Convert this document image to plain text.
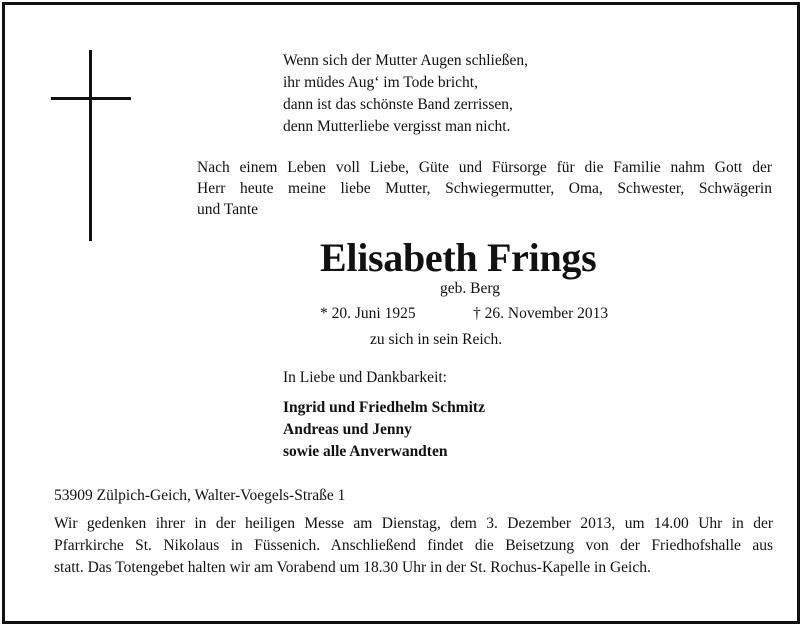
Wenn sich der Mutter Augen schließen,
ihr müdes Aug‘ im Tode bricht,
dann ist das schönste Band zerrissen,
denn Mutterliebe vergisst man nicht.
Nach einem Leben voll Liebe, Güte und Fürsorge für die Familie nahm Gott der
Herr heute meine liebe Mutter, Schwiegermutter, Oma, Schwester, Schwägerin
und Tante
Elisabeth Frings
geb. Berg
* 20. Juni 1925	† 26. November 2013
zu sich in sein Reich.
In Liebe und Dankbarkeit:
Ingrid und Friedhelm Schmitz
Andreas und Jenny
sowie alle Anverwandten
53909 Zülpich-Geich, Walter-Voegels-Straße 1
Wir gedenken ihrer in der heiligen Messe am Dienstag, dem 3. Dezember 2013, um 14.00 Uhr in der
Pfarrkirche St. Nikolaus in Füssenich. Anschließend findet die Beisetzung von der Friedhofshalle aus
statt. Das Totengebet halten wir am Vorabend um 18.30 Uhr in der St. Rochus-Kapelle in Geich.
